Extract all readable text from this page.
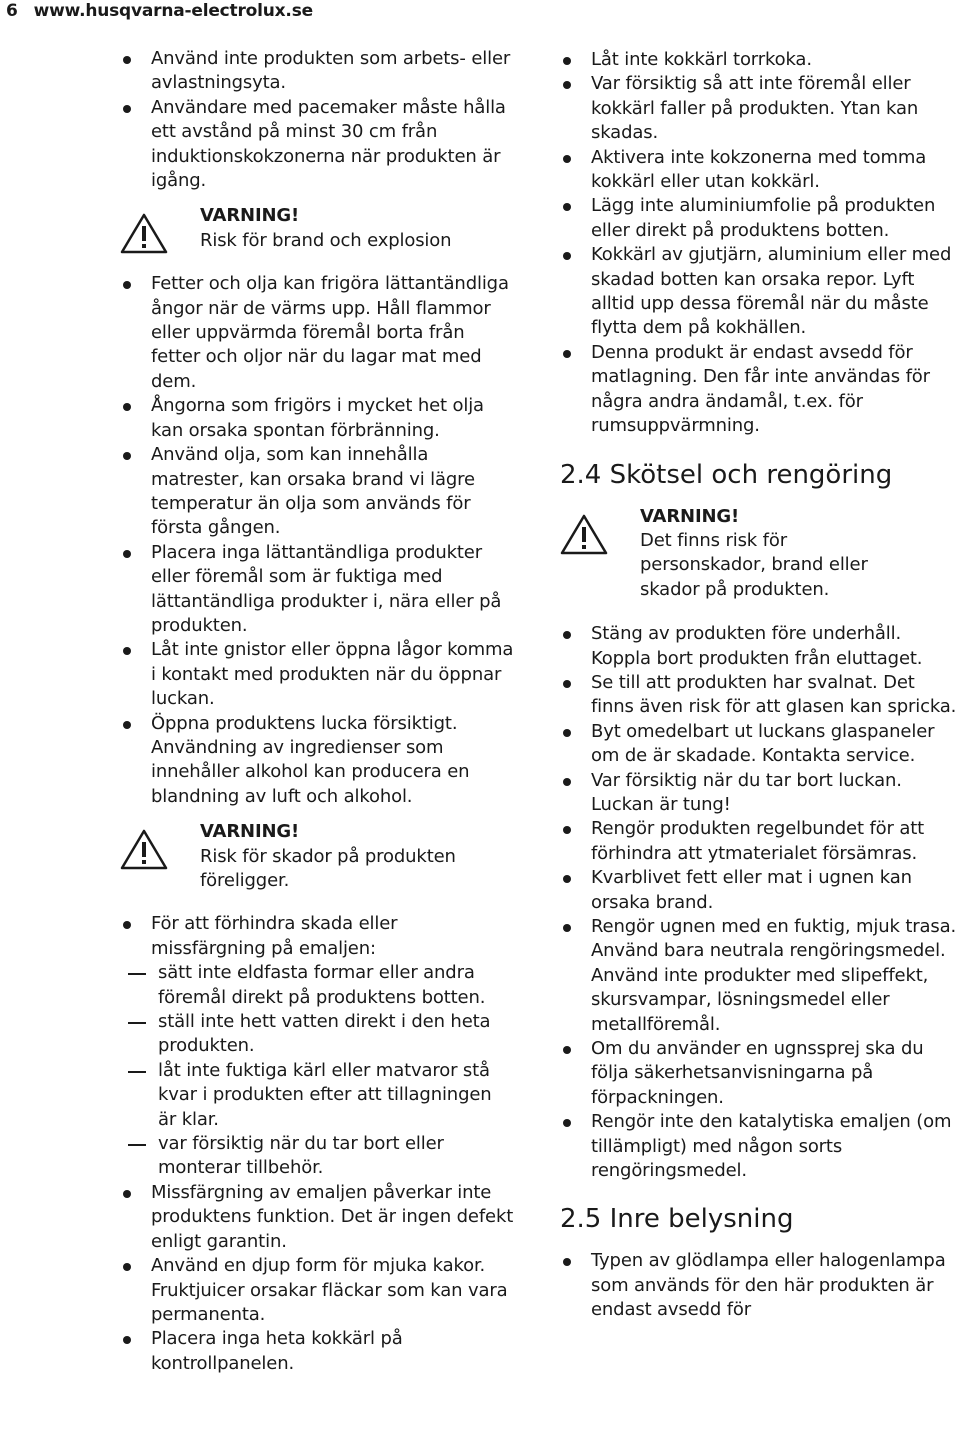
6 www.husqvarna-electrolux.se
Använd inte produkten som arbets- eller avlastningsyta.
Användare med pacemaker måste hålla ett avstånd på minst 30 cm från induktionskokzonerna när produkten är igång.
VARNING!
Risk för brand och explosion
Fetter och olja kan frigöra lättantändliga ångor när de värms upp. Håll flammor eller uppvärmda föremål borta från fetter och oljor när du lagar mat med dem.
Ångorna som frigörs i mycket het olja kan orsaka spontan förbränning.
Använd olja, som kan innehålla matrester, kan orsaka brand vi lägre temperatur än olja som används för första gången.
Placera inga lättantändliga produkter eller föremål som är fuktiga med lättantändliga produkter i, nära eller på produkten.
Låt inte gnistor eller öppna lågor komma i kontakt med produkten när du öppnar luckan.
Öppna produktens lucka försiktigt. Användning av ingredienser som innehåller alkohol kan producera en blandning av luft och alkohol.
VARNING!
Risk för skador på produkten föreligger.
För att förhindra skada eller missfärgning på emaljen:
sätt inte eldfasta formar eller andra föremål direkt på produktens botten.
ställ inte hett vatten direkt i den heta produkten.
låt inte fuktiga kärl eller matvaror stå kvar i produkten efter att tillagningen är klar.
var försiktig när du tar bort eller monterar tillbehör.
Missfärgning av emaljen påverkar inte produktens funktion. Det är ingen defekt enligt garantin.
Använd en djup form för mjuka kakor. Fruktjuicer orsakar fläckar som kan vara permanenta.
Placera inga heta kokkärl på kontrollpanelen.
Låt inte kokkärl torrkoka.
Var försiktig så att inte föremål eller kokkärl faller på produkten. Ytan kan skadas.
Aktivera inte kokzonerna med tomma kokkärl eller utan kokkärl.
Lägg inte aluminiumfolie på produkten eller direkt på produktens botten.
Kokkärl av gjutjärn, aluminium eller med skadad botten kan orsaka repor. Lyft alltid upp dessa föremål när du måste flytta dem på kokhällen.
Denna produkt är endast avsedd för matlagning. Den får inte användas för några andra ändamål, t.ex. för rumsuppvärmning.
2.4 Skötsel och rengöring
VARNING!
Det finns risk för personskador, brand eller skador på produkten.
Stäng av produkten före underhåll. Koppla bort produkten från eluttaget.
Se till att produkten har svalnat. Det finns även risk för att glasen kan spricka.
Byt omedelbart ut luckans glaspaneler om de är skadade. Kontakta service.
Var försiktig när du tar bort luckan. Luckan är tung!
Rengör produkten regelbundet för att förhindra att ytmaterialet försämras.
Kvarblivet fett eller mat i ugnen kan orsaka brand.
Rengör ugnen med en fuktig, mjuk trasa. Använd bara neutrala rengöringsmedel. Använd inte produkter med slipeffekt, skursvampar, lösningsmedel eller metallföremål.
Om du använder en ugnssprej ska du följa säkerhetsanvisningarna på förpackningen.
Rengör inte den katalytiska emaljen (om tillämpligt) med någon sorts rengöringsmedel.
2.5 Inre belysning
Typen av glödlampa eller halogenlampa som används för den här produkten är endast avsedd för
